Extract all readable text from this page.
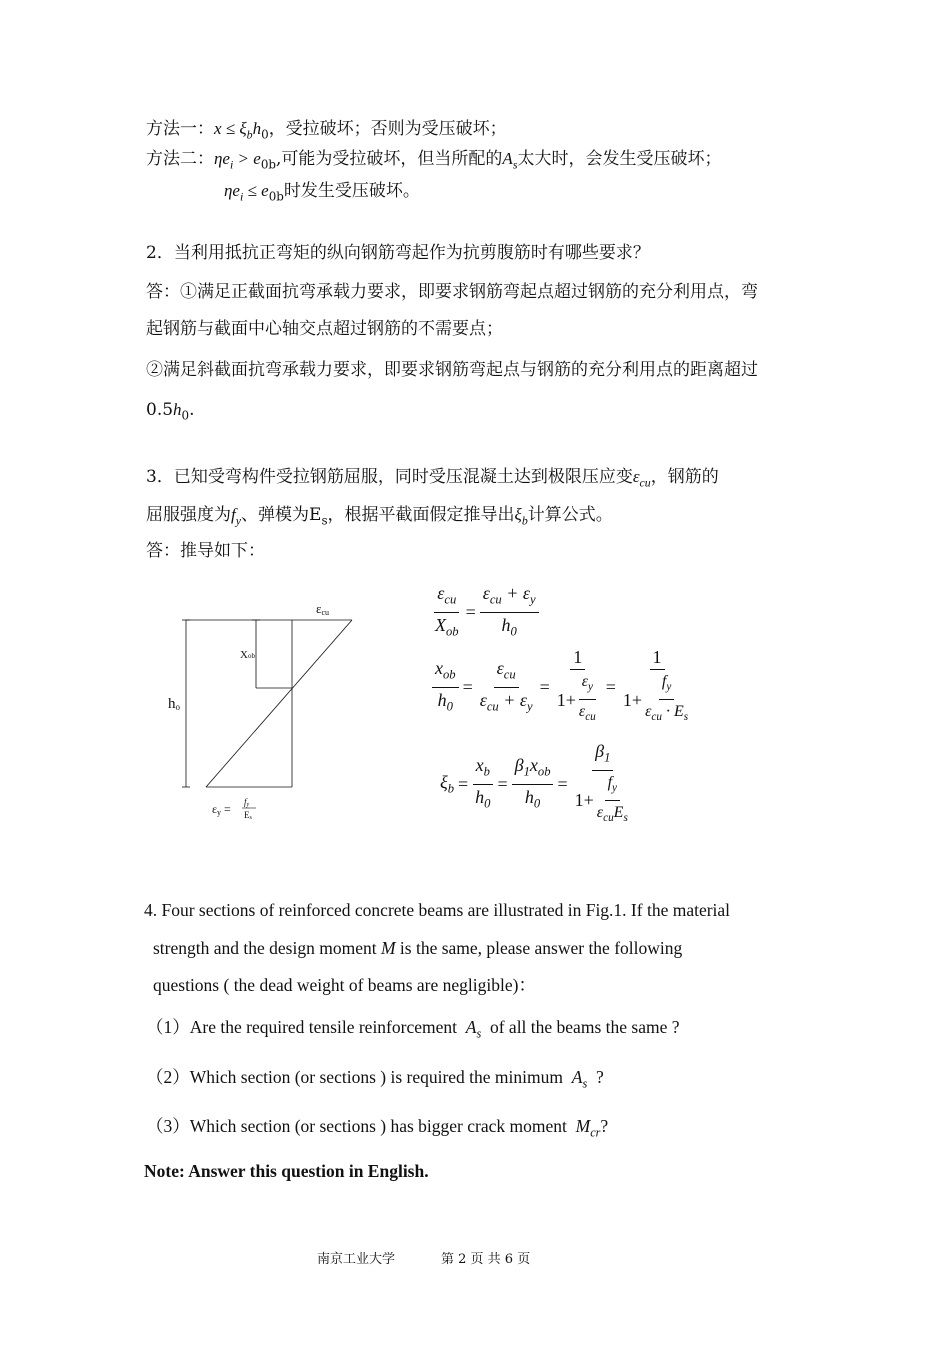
方法一：$x \le \xi_bh_0$，受拉破坏；否则为受压破坏；
方法二：$\eta e_i > e_{0b}$,可能为受拉破坏，但当所配的$A_s$太大时，会发生受压破坏；
$\eta e_i \le e_{0b}$时发生受压破坏。
2．当利用抵抗正弯矩的纵向钢筋弯起作为抗剪腹筋时有哪些要求？
答：①满足正截面抗弯承载力要求，即要求钢筋弯起点超过钢筋的充分利用点，弯
起钢筋与截面中心轴交点超过钢筋的不需要点；
②满足斜截面抗弯承载力要求，即要求钢筋弯起点与钢筋的充分利用点的距离超过
$0.5h_0$.
3．已知受弯构件受拉钢筋屈服，同时受压混凝土达到极限压应变$\varepsilon_{cu}$，钢筋的
屈服强度为$f_y$、弹模为$E_s$，根据平截面假定推导出$\xi_b$计算公式。
答：推导如下：
εcu
Xob
ho
εy = fy
Es
$\frac{\varepsilon_{cu}}{X_{ob}} = \frac{\varepsilon_{cu} + \varepsilon_y}{h_0}$
$\frac{x_{ob}}{h_0} = \frac{\varepsilon_{cu}}{\varepsilon_{cu} + \varepsilon_y} = \frac{1}{1+ \frac{\varepsilon_y}{\varepsilon_{cu}}} = \frac{1}{1+ \frac{f_y}{\varepsilon_{cu} \cdot E_s}}$
$\xi_b = \frac{x_b}{h_0} = \frac{\beta_1x_{ob}}{h_0} = \frac{\beta_1}{1+ \frac{f_y}{\varepsilon_{cu}E_s}}$
4. Four sections of reinforced concrete beams are illustrated in Fig.1. If the material
strength and the design moment M is the same, please answer the following
questions ( the dead weight of beams are negligible)：
（1）Are the required tensile reinforcement $A_s$ of all the beams the same ?
（2）Which section (or sections ) is required the minimum $A_s$ ?
（3）Which section (or sections ) has bigger crack moment $M_{cr}$?
Note: Answer this question in English.
南京工业大学	第 2 页 共 6 页
